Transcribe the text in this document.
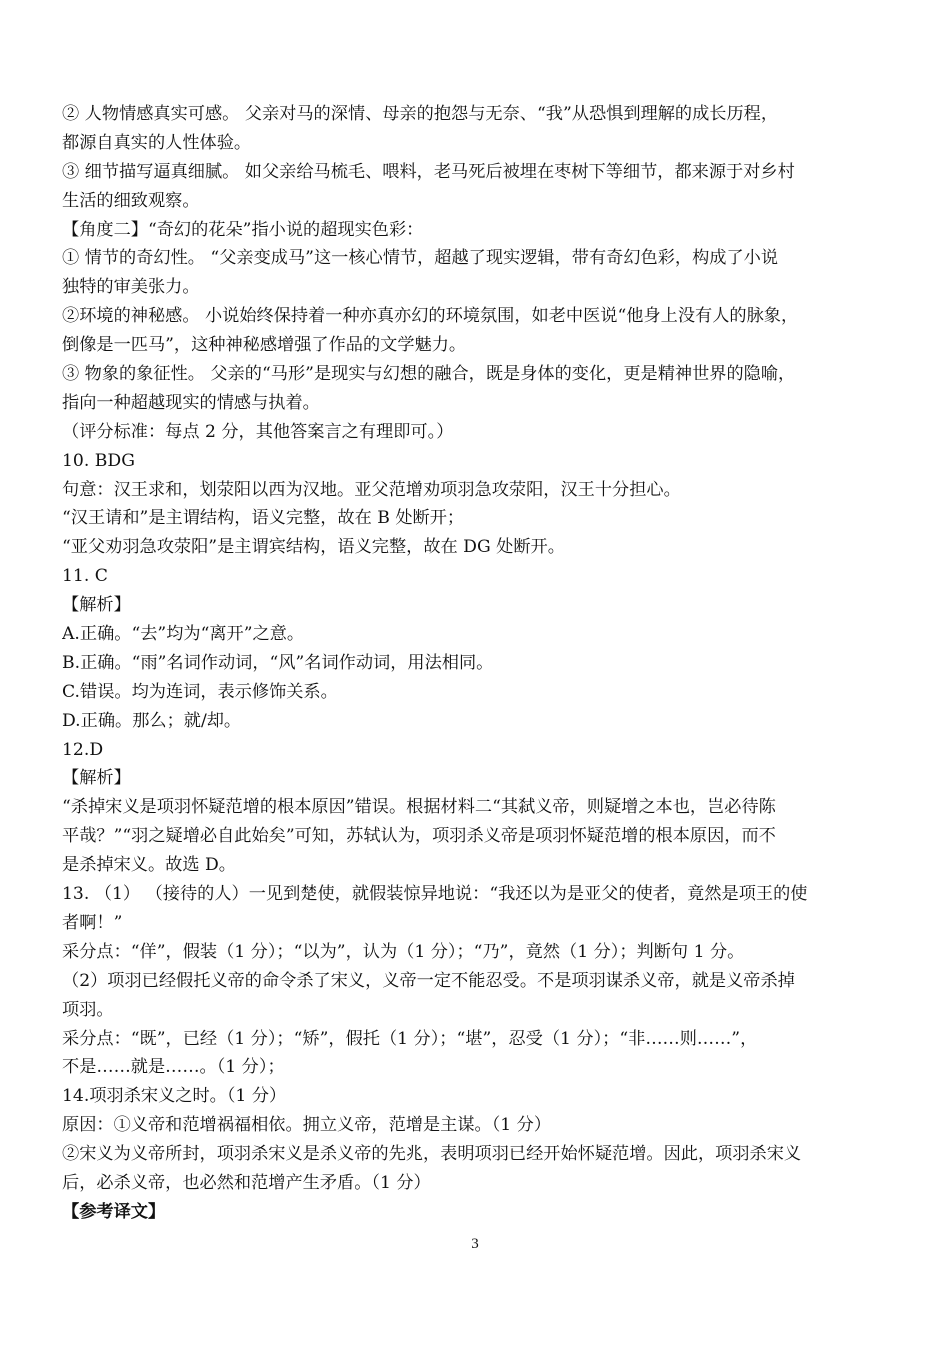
② 人物情感真实可感。 父亲对马的深情、母亲的抱怨与无奈、“我”从恐惧到理解的成长历程，
都源自真实的人性体验。
③ 细节描写逼真细腻。 如父亲给马梳毛、喂料，老马死后被埋在枣树下等细节，都来源于对乡村
生活的细致观察。
【角度二】“奇幻的花朵”指小说的超现实色彩：
① 情节的奇幻性。 “父亲变成马”这一核心情节，超越了现实逻辑，带有奇幻色彩，构成了小说
独特的审美张力。
②环境的神秘感。 小说始终保持着一种亦真亦幻的环境氛围，如老中医说“他身上没有人的脉象，
倒像是一匹马”，这种神秘感增强了作品的文学魅力。
③ 物象的象征性。 父亲的“马形”是现实与幻想的融合，既是身体的变化，更是精神世界的隐喻，
指向一种超越现实的情感与执着。
（评分标准：每点 2 分，其他答案言之有理即可。）
10. BDG
句意：汉王求和，划荥阳以西为汉地。亚父范增劝项羽急攻荥阳，汉王十分担心。
“汉王请和”是主谓结构，语义完整，故在 B 处断开；
“亚父劝羽急攻荥阳”是主谓宾结构，语义完整，故在 DG 处断开。
11. C
【解析】
A.正确。“去”均为“离开”之意。
B.正确。“雨”名词作动词，“风”名词作动词，用法相同。
C.错误。均为连词，表示修饰关系。
D.正确。那么；就/却。
12.D
【解析】
“杀掉宋义是项羽怀疑范增的根本原因”错误。根据材料二“其弑义帝，则疑增之本也，岂必待陈
平哉？”“羽之疑增必自此始矣”可知，苏轼认为，项羽杀义帝是项羽怀疑范增的根本原因，而不
是杀掉宋义。故选 D。
13. （1） （接待的人）一见到楚使，就假装惊异地说：“我还以为是亚父的使者，竟然是项王的使
者啊！”
采分点：“佯”，假装（1 分）；“以为”，认为（1 分）；“乃”，竟然（1 分）；判断句 1 分。
（2）项羽已经假托义帝的命令杀了宋义，义帝一定不能忍受。不是项羽谋杀义帝，就是义帝杀掉
项羽。
采分点：“既”，已经（1 分）；“矫”，假托（1 分）；“堪”，忍受（1 分）；“非……则……”，
不是……就是……。（1 分）；
14.项羽杀宋义之时。（1 分）
原因：①义帝和范增祸福相依。拥立义帝，范增是主谋。（1 分）
②宋义为义帝所封，项羽杀宋义是杀义帝的先兆，表明项羽已经开始怀疑范增。因此，项羽杀宋义
后，必杀义帝，也必然和范增产生矛盾。（1 分）
【参考译文】
3
